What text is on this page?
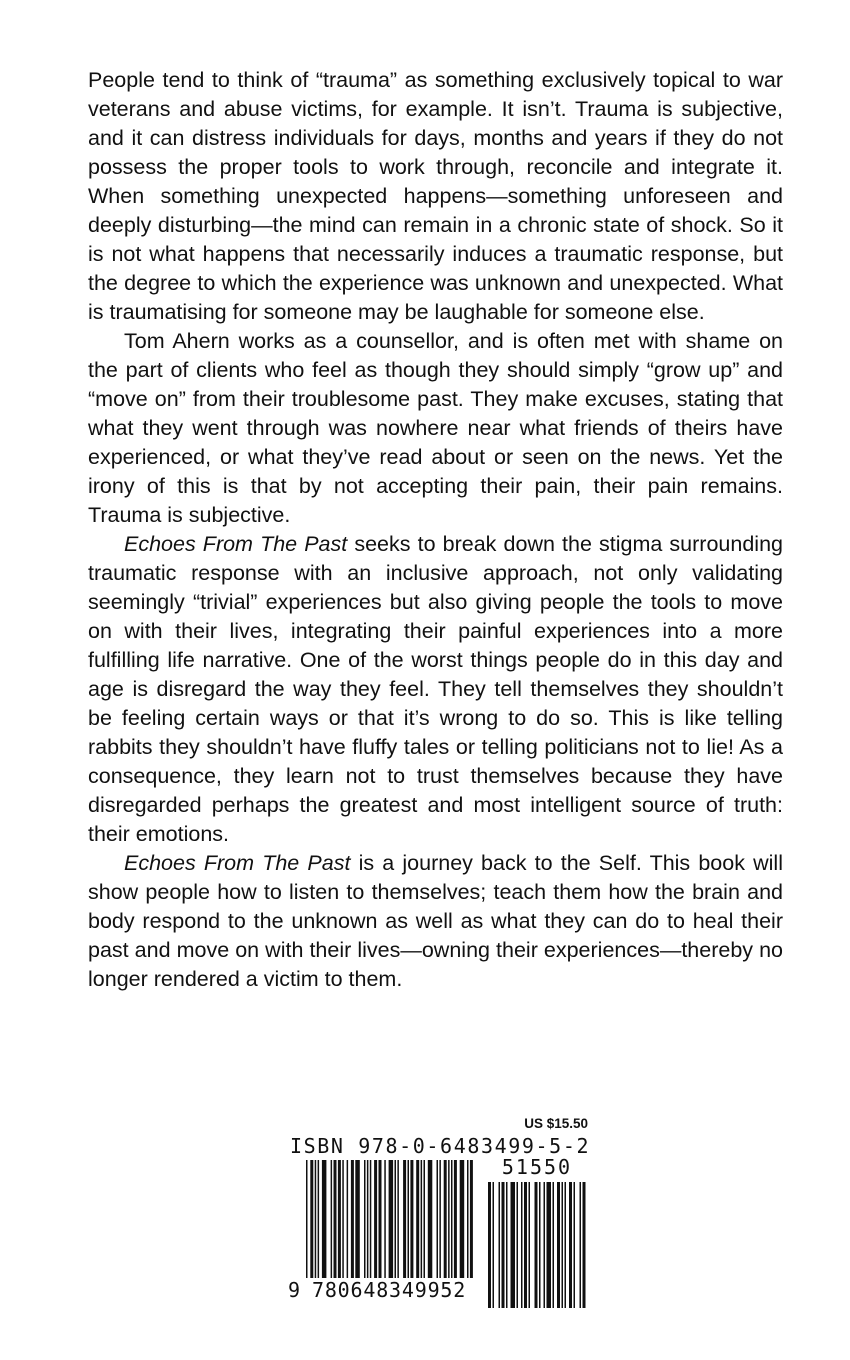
People tend to think of “trauma” as something exclusively topical to war veterans and abuse victims, for example. It isn’t. Trauma is subjective, and it can distress individuals for days, months and years if they do not possess the proper tools to work through, reconcile and integrate it. When something unexpected happens—something unforeseen and deeply disturbing—the mind can remain in a chronic state of shock. So it is not what happens that necessarily induces a traumatic response, but the degree to which the experience was unknown and unexpected. What is traumatising for someone may be laughable for someone else.

Tom Ahern works as a counsellor, and is often met with shame on the part of clients who feel as though they should simply “grow up” and “move on” from their troublesome past. They make excuses, stating that what they went through was nowhere near what friends of theirs have experienced, or what they’ve read about or seen on the news. Yet the irony of this is that by not accepting their pain, their pain remains. Trauma is subjective.

Echoes From The Past seeks to break down the stigma surrounding traumatic response with an inclusive approach, not only validating seemingly “trivial” experiences but also giving people the tools to move on with their lives, integrating their painful experiences into a more fulfilling life narrative. One of the worst things people do in this day and age is disregard the way they feel. They tell themselves they shouldn’t be feeling certain ways or that it’s wrong to do so. This is like telling rabbits they shouldn’t have fluffy tales or telling politicians not to lie! As a consequence, they learn not to trust themselves because they have disregarded perhaps the greatest and most intelligent source of truth: their emotions.

Echoes From The Past is a journey back to the Self. This book will show people how to listen to themselves; teach them how the brain and body respond to the unknown as well as what they can do to heal their past and move on with their lives—owning their experiences—thereby no longer rendered a victim to them.

US $15.50
ISBN 978-0-6483499-5-2
51550
9 780648349952
